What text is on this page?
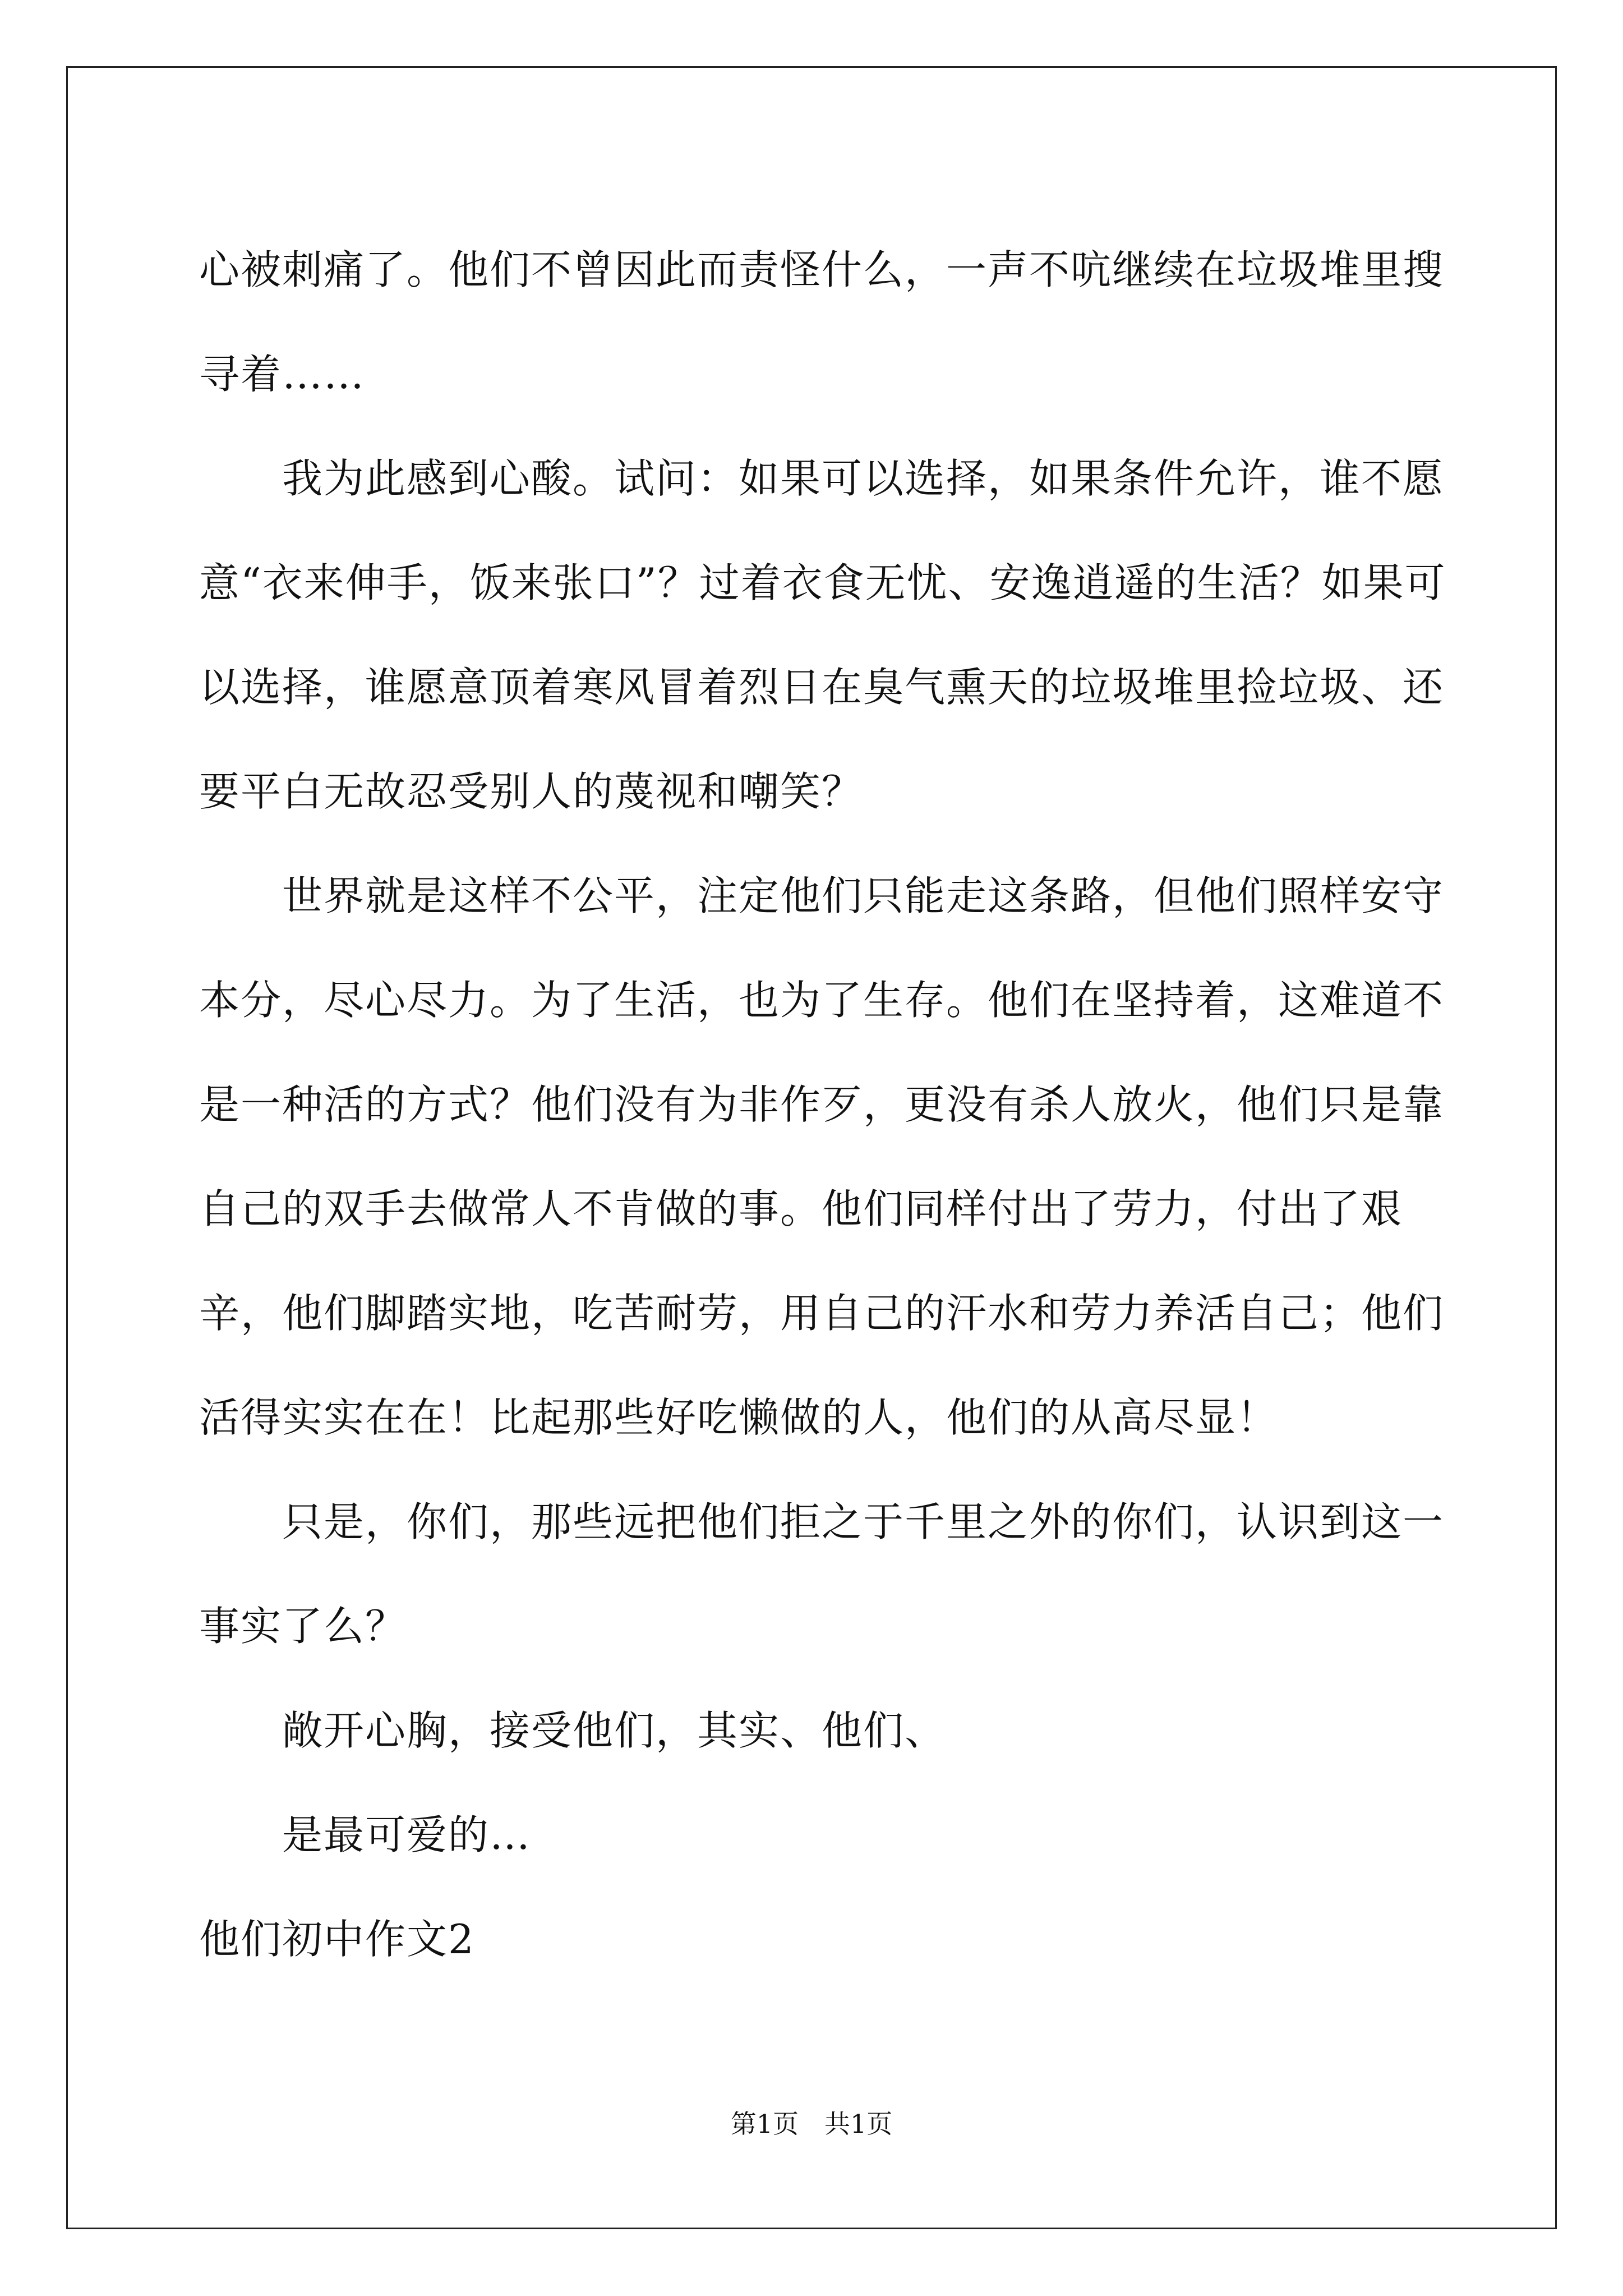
心被刺痛了。他们不曾因此而责怪什么，一声不吭继续在垃圾堆里搜寻着……

我为此感到心酸。试问：如果可以选择，如果条件允许，谁不愿意“衣来伸手，饭来张口”？过着衣食无忧、安逸逍遥的生活？如果可以选择，谁愿意顶着寒风冒着烈日在臭气熏天的垃圾堆里捡垃圾、还要平白无故忍受别人的蔑视和嘲笑？

世界就是这样不公平，注定他们只能走这条路，但他们照样安守本分，尽心尽力。为了生活，也为了生存。他们在坚持着，这难道不是一种活的方式？他们没有为非作歹，更没有杀人放火，他们只是靠自己的双手去做常人不肯做的事。他们同样付出了劳力，付出了艰辛，他们脚踏实地，吃苦耐劳，用自己的汗水和劳力养活自己；他们活得实实在在！比起那些好吃懒做的人，他们的从高尽显！

只是，你们，那些远把他们拒之于千里之外的你们，认识到这一事实了么？

敞开心胸，接受他们，其实、他们、

是最可爱的…

他们初中作文2

第1页　共1页
